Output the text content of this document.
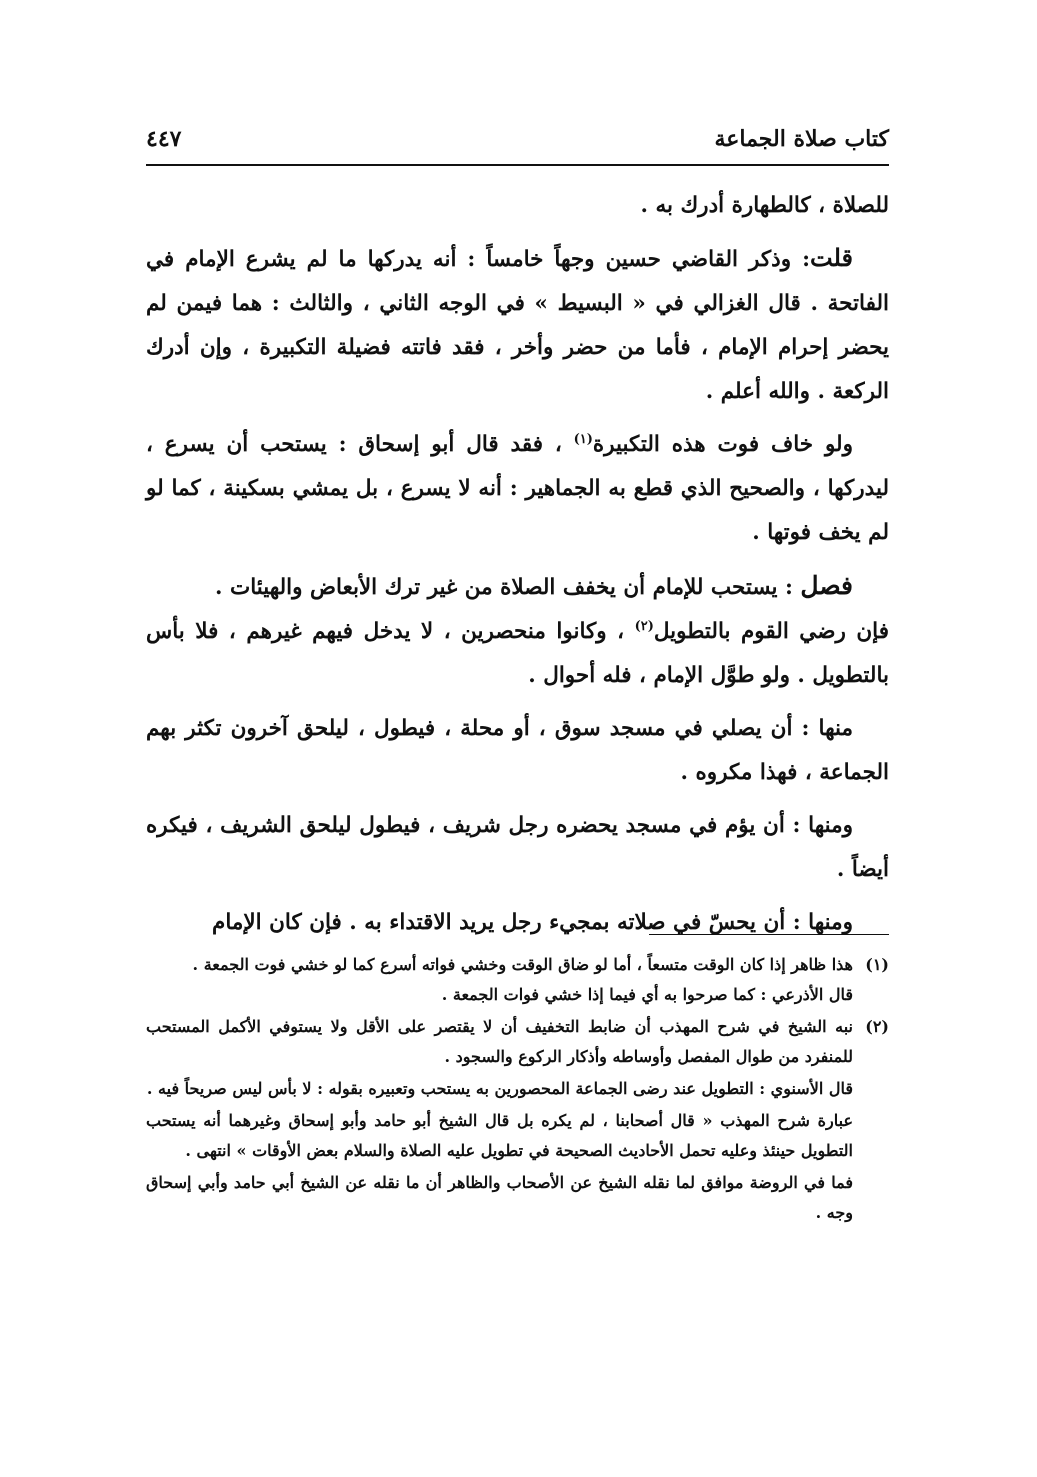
كتاب صلاة الجماعة
٤٤٧

للصلاة ، كالطهارة أدرك به .

قلت: وذكر القاضي حسين وجهاً خامساً : أنه يدركها ما لم يشرع الإمام في الفاتحة . قال الغزالي في « البسيط » في الوجه الثاني ، والثالث : هما فيمن لم يحضر إحرام الإمام ، فأما من حضر وأخر ، فقد فاتته فضيلة التكبيرة ، وإن أدرك الركعة . والله أعلم .

ولو خاف فوت هذه التكبيرة$^{(١)}$ ، فقد قال أبو إسحاق : يستحب أن يسرع ، ليدركها ، والصحيح الذي قطع به الجماهير : أنه لا يسرع ، بل يمشي بسكينة ، كما لو لم يخف فوتها .

فصل : يستحب للإمام أن يخفف الصلاة من غير ترك الأبعاض والهيئات .
فإن رضي القوم بالتطويل$^{(٢)}$ ، وكانوا منحصرين ، لا يدخل فيهم غيرهم ، فلا بأس بالتطويل . ولو طوَّل الإمام ، فله أحوال .

منها : أن يصلي في مسجد سوق ، أو محلة ، فيطول ، ليلحق آخرون تكثر بهم الجماعة ، فهذا مكروه .

ومنها : أن يؤم في مسجد يحضره رجل شريف ، فيطول ليلحق الشريف ، فيكره أيضاً .

ومنها : أن يحسّ في صلاته بمجيء رجل يريد الاقتداء به . فإن كان الإمام

(١)
هذا ظاهر إذا كان الوقت متسعاً ، أما لو ضاق الوقت وخشي فواته أسرع كما لو خشي فوت الجمعة .
قال الأذرعي : كما صرحوا به أي فيما إذا خشي فوات الجمعة .

(٢)
نبه الشيخ في شرح المهذب أن ضابط التخفيف أن لا يقتصر على الأقل ولا يستوفي الأكمل المستحب للمنفرد من طوال المفصل وأوساطه وأذكار الركوع والسجود .

قال الأسنوي : التطويل عند رضى الجماعة المحصورين به يستحب وتعبيره بقوله : لا بأس ليس صريحاً فيه .

عبارة شرح المهذب « قال أصحابنا ، لم يكره بل قال الشيخ أبو حامد وأبو إسحاق وغيرهما أنه يستحب التطويل حينئذ وعليه تحمل الأحاديث الصحيحة في تطويل عليه الصلاة والسلام بعض الأوقات » انتهى .

فما في الروضة موافق لما نقله الشيخ عن الأصحاب والظاهر أن ما نقله عن الشيخ أبي حامد وأبي إسحاق وجه .
